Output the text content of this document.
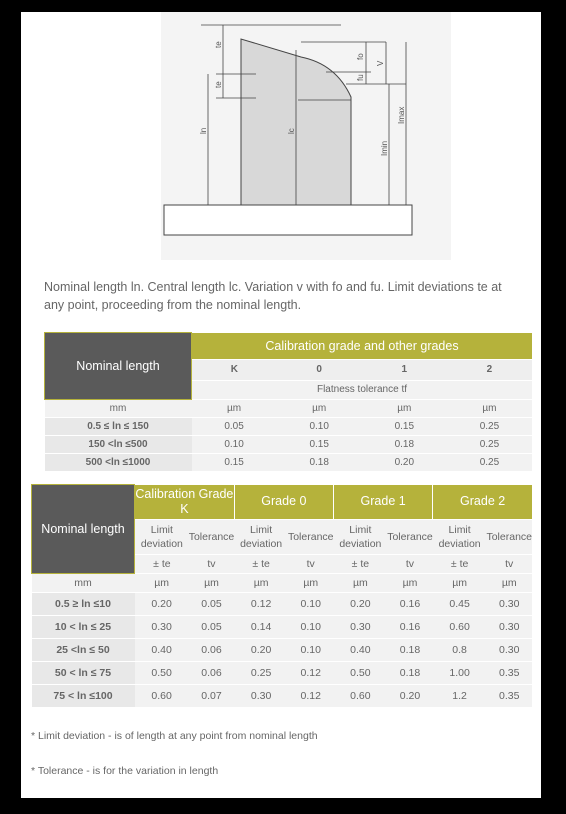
te
te
fo
fu
V
Imax
Imin
ln	lc
Nominal length ln. Central length lc. Variation v with fo and fu. Limit deviations te at any point, proceeding from the nominal length.
Nominal length	Calibration grade and other grades			
	K	0	1	2
	Flatness tolerance tf			
mm	µm	µm	µm	µm
0.5 ≤ ln ≤ 150	0.05	0.10	0.15	0.25
150 <ln ≤500	0.10	0.15	0.18	0.25
500 <ln ≤1000	0.15	0.18	0.20	0.25
Nominal length	Calibration Grade K		Grade 0		Grade 1		Grade 2	
	Limit deviation	Tolerance	Limit deviation	Tolerance	Limit deviation	Tolerance	Limit deviation	Tolerance
	± te	tv	± te	tv	± te	tv	± te	tv
mm	µm	µm	µm	µm	µm	µm	µm	µm
0.5 ≥ ln ≤10	0.20	0.05	0.12	0.10	0.20	0.16	0.45	0.30
10 < ln ≤ 25	0.30	0.05	0.14	0.10	0.30	0.16	0.60	0.30
25 <ln ≤ 50	0.40	0.06	0.20	0.10	0.40	0.18	0.8	0.30
50 < ln ≤ 75	0.50	0.06	0.25	0.12	0.50	0.18	1.00	0.35
75 < ln ≤100	0.60	0.07	0.30	0.12	0.60	0.20	1.2	0.35
* Limit deviation - is of length at any point from nominal length
* Tolerance - is for the variation in length
